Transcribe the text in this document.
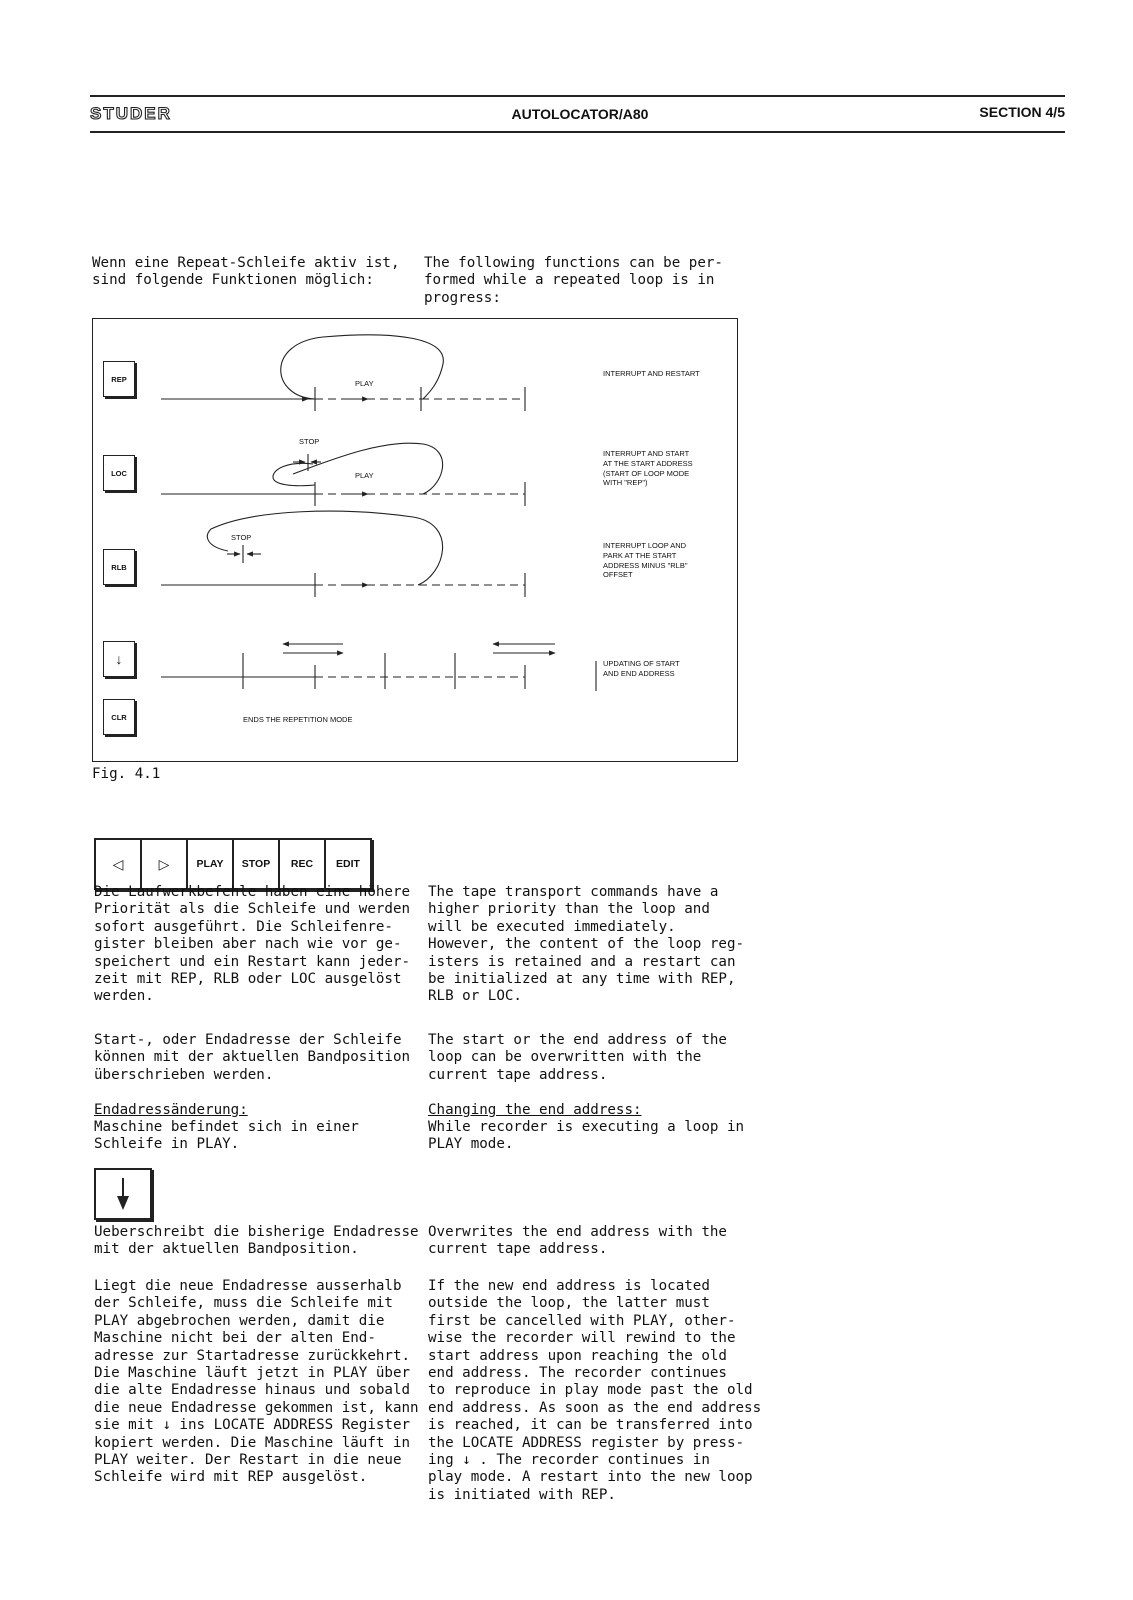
STUDER	AUTOLOCATOR/A80	SECTION 4/5
Wenn eine Repeat-Schleife aktiv ist,
sind folgende Funktionen möglich:
The following functions can be per-
formed while a repeated loop is in
progress:
REP
LOC
RLB
↓
CLR
PLAY
STOP
PLAY
STOP
INTERRUPT AND RESTART
INTERRUPT AND START
AT THE START ADDRESS
(START OF LOOP MODE
WITH "REP")
INTERRUPT LOOP AND
PARK AT THE START
ADDRESS MINUS "RLB"
OFFSET
UPDATING OF START
AND END ADDRESS
ENDS THE REPETITION MODE
Fig. 4.1
◁	▷	PLAY	STOP	REC	EDIT
Die Laufwerkbefehle haben eine höhere
Priorität als die Schleife und werden
sofort ausgeführt. Die Schleifenre-
gister bleiben aber nach wie vor ge-
speichert und ein Restart kann jeder-
zeit mit REP, RLB oder LOC ausgelöst
werden.
The tape transport commands have a
higher priority than the loop and
will be executed immediately.
However, the content of the loop reg-
isters is retained and a restart can
be initialized at any time with REP,
RLB or LOC.
Start-, oder Endadresse der Schleife
können mit der aktuellen Bandposition
überschrieben werden.
The start or the end address of the
loop can be overwritten with the
current tape address.
Endadressänderung:
Maschine befindet sich in einer
Schleife in PLAY.
Changing the end address:
While recorder is executing a loop in
PLAY mode.
Ueberschreibt die bisherige Endadresse
mit der aktuellen Bandposition.
Overwrites the end address with the
current tape address.
Liegt die neue Endadresse ausserhalb
der Schleife, muss die Schleife mit
PLAY abgebrochen werden, damit die
Maschine nicht bei der alten End-
adresse zur Startadresse zurückkehrt.
Die Maschine läuft jetzt in PLAY über
die alte Endadresse hinaus und sobald
die neue Endadresse gekommen ist, kann
sie mit ↓ ins LOCATE ADDRESS Register
kopiert werden. Die Maschine läuft in
PLAY weiter. Der Restart in die neue
Schleife wird mit REP ausgelöst.
If the new end address is located
outside the loop, the latter must
first be cancelled with PLAY, other-
wise the recorder will rewind to the
start address upon reaching the old
end address. The recorder continues
to reproduce in play mode past the old
end address. As soon as the end address
is reached, it can be transferred into
the LOCATE ADDRESS register by press-
ing ↓ . The recorder continues in
play mode. A restart into the new loop
is initiated with REP.
